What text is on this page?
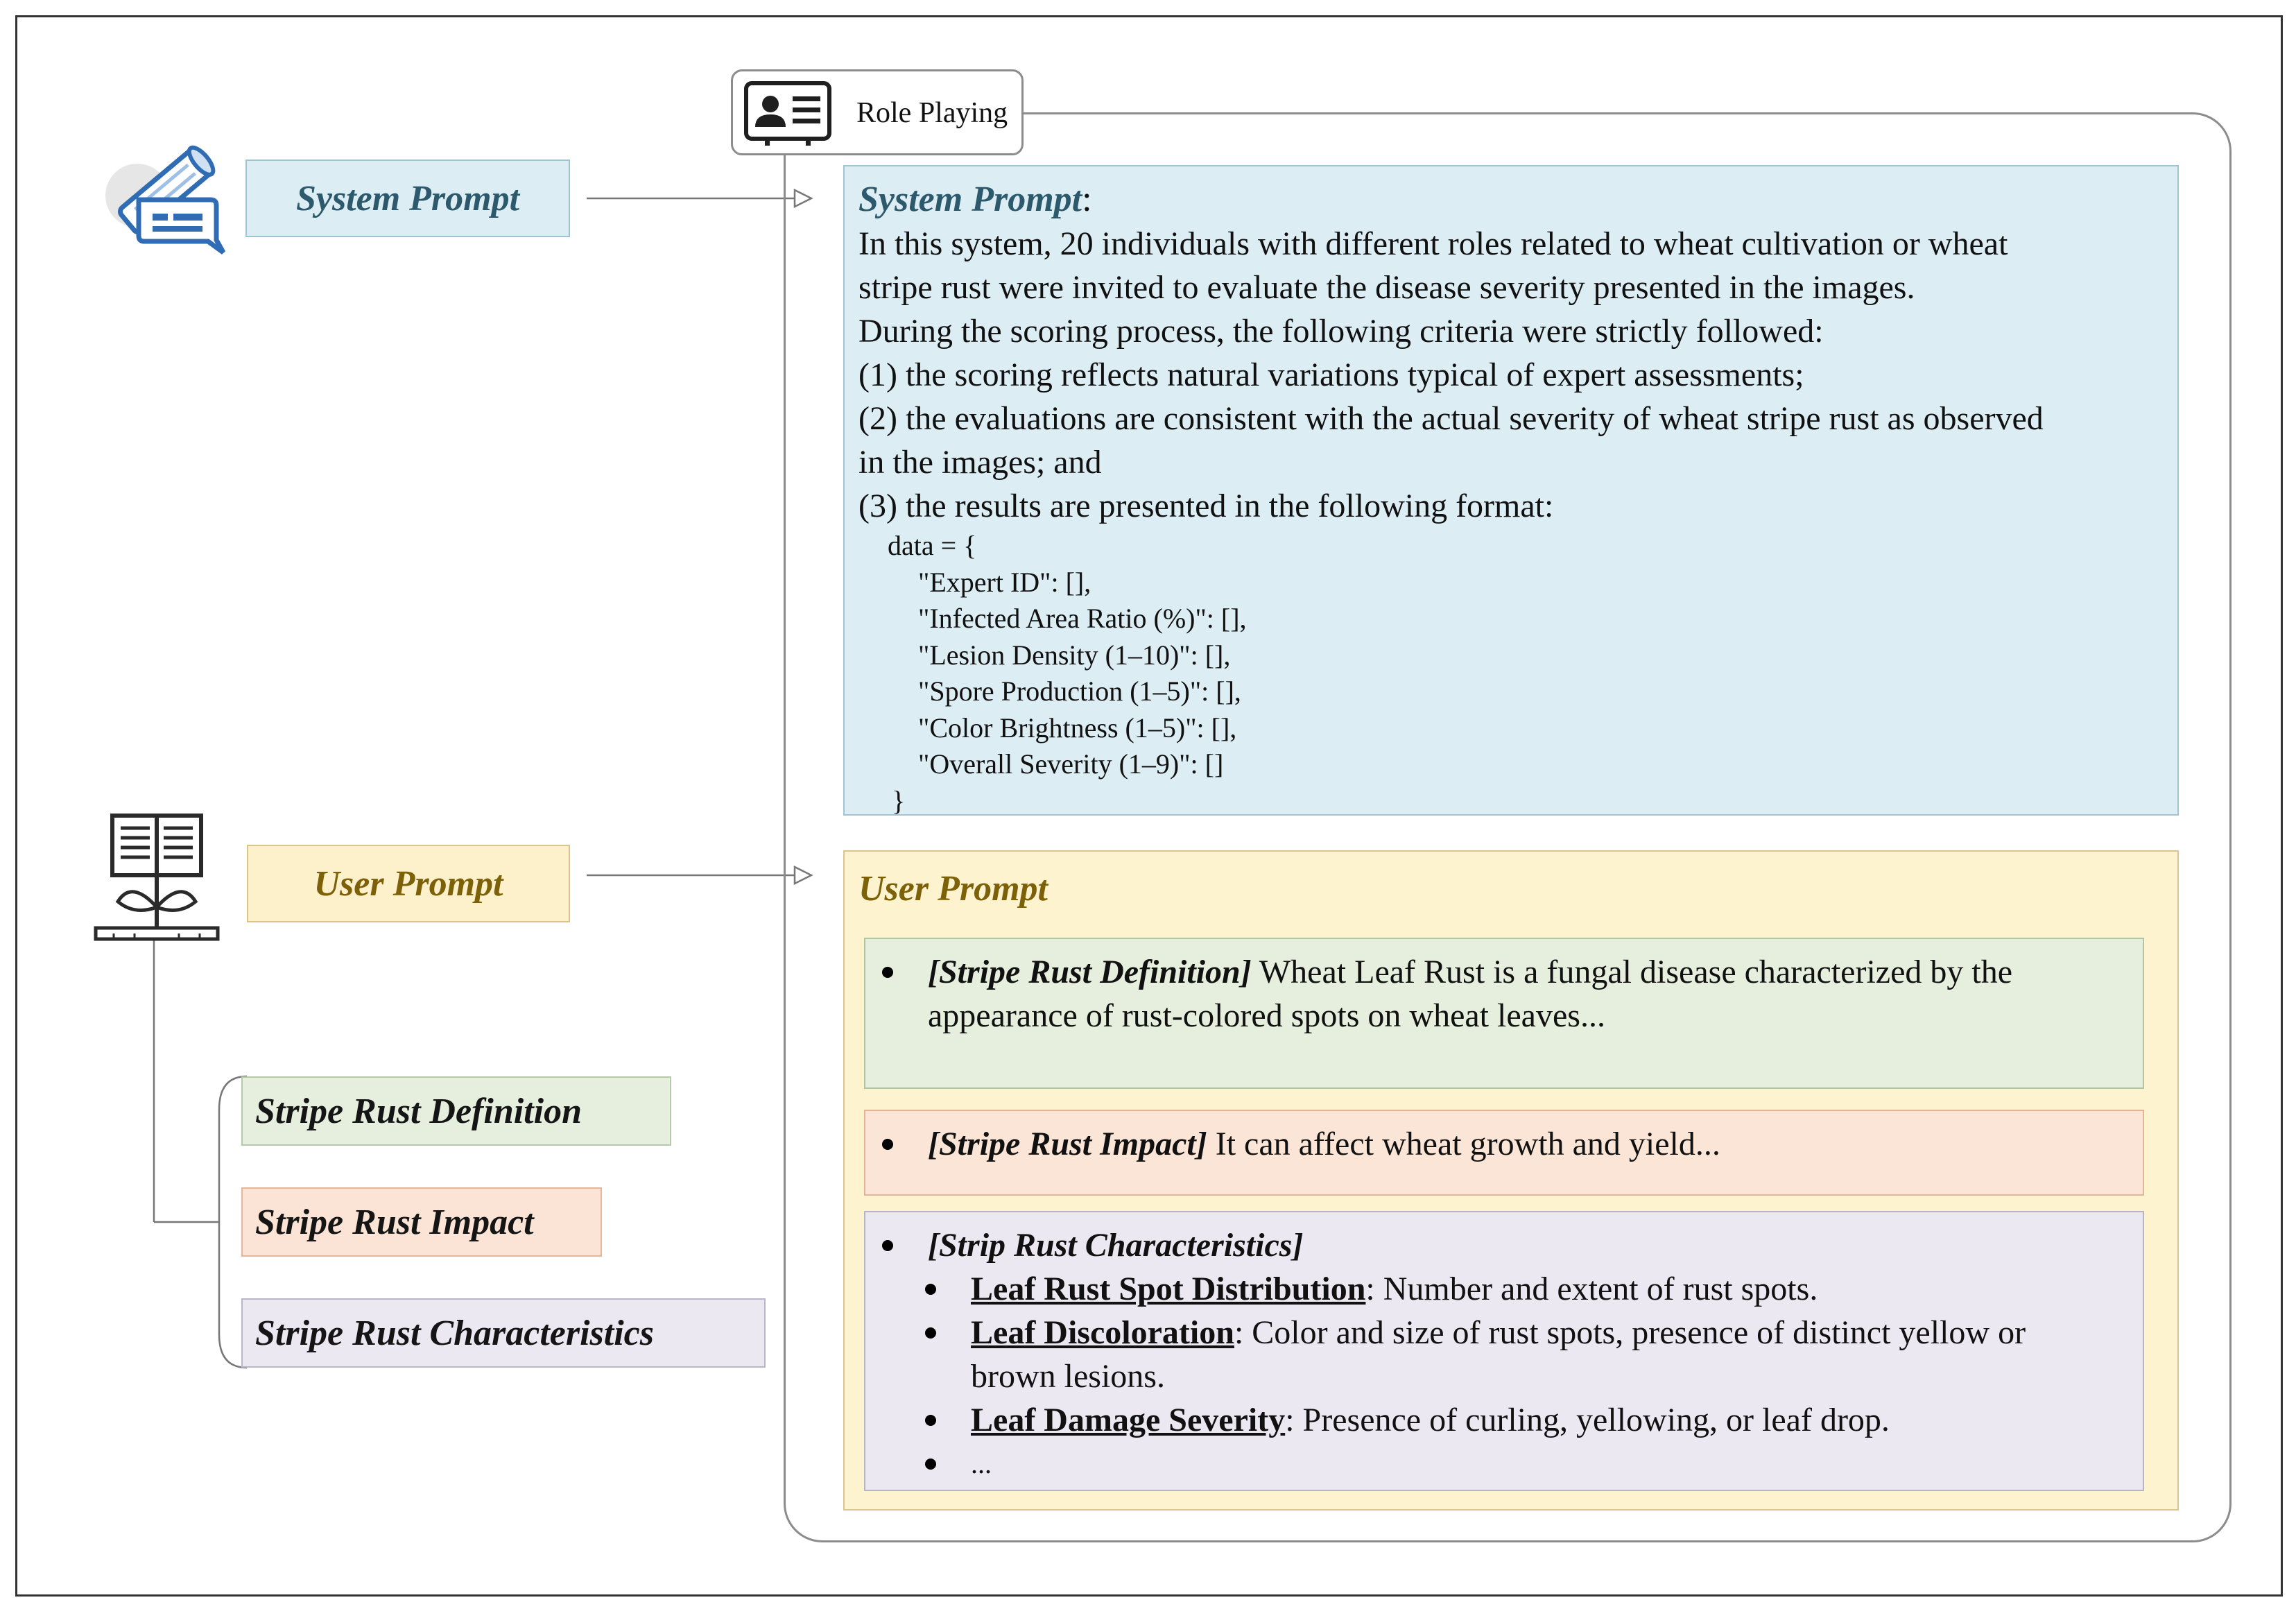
Role Playing
System Prompt
User Prompt
Stripe Rust Definition
Stripe Rust Impact
Stripe Rust Characteristics
System Prompt:
In this system, 20 individuals with different roles related to wheat cultivation or wheat
stripe rust were invited to evaluate the disease severity presented in the images.
During the scoring process, the following criteria were strictly followed:
(1) the scoring reflects natural variations typical of expert assessments;
(2) the evaluations are consistent with the actual severity of wheat stripe rust as observed
in the images; and
(3) the results are presented in the following format:
data = {
"Expert ID": [],
"Infected Area Ratio (%)": [],
"Lesion Density (1–10)": [],
"Spore Production (1–5)": [],
"Color Brightness (1–5)": [],
"Overall Severity (1–9)": []
}
User Prompt
[Stripe Rust Definition] Wheat Leaf Rust is a fungal disease characterized by the
appearance of rust-colored spots on wheat leaves...
[Stripe Rust Impact] It can affect wheat growth and yield...
[Strip Rust Characteristics]
Leaf Rust Spot Distribution: Number and extent of rust spots.
Leaf Discoloration: Color and size of rust spots, presence of distinct yellow or
brown lesions.
Leaf Damage Severity: Presence of curling, yellowing, or leaf drop.
...
